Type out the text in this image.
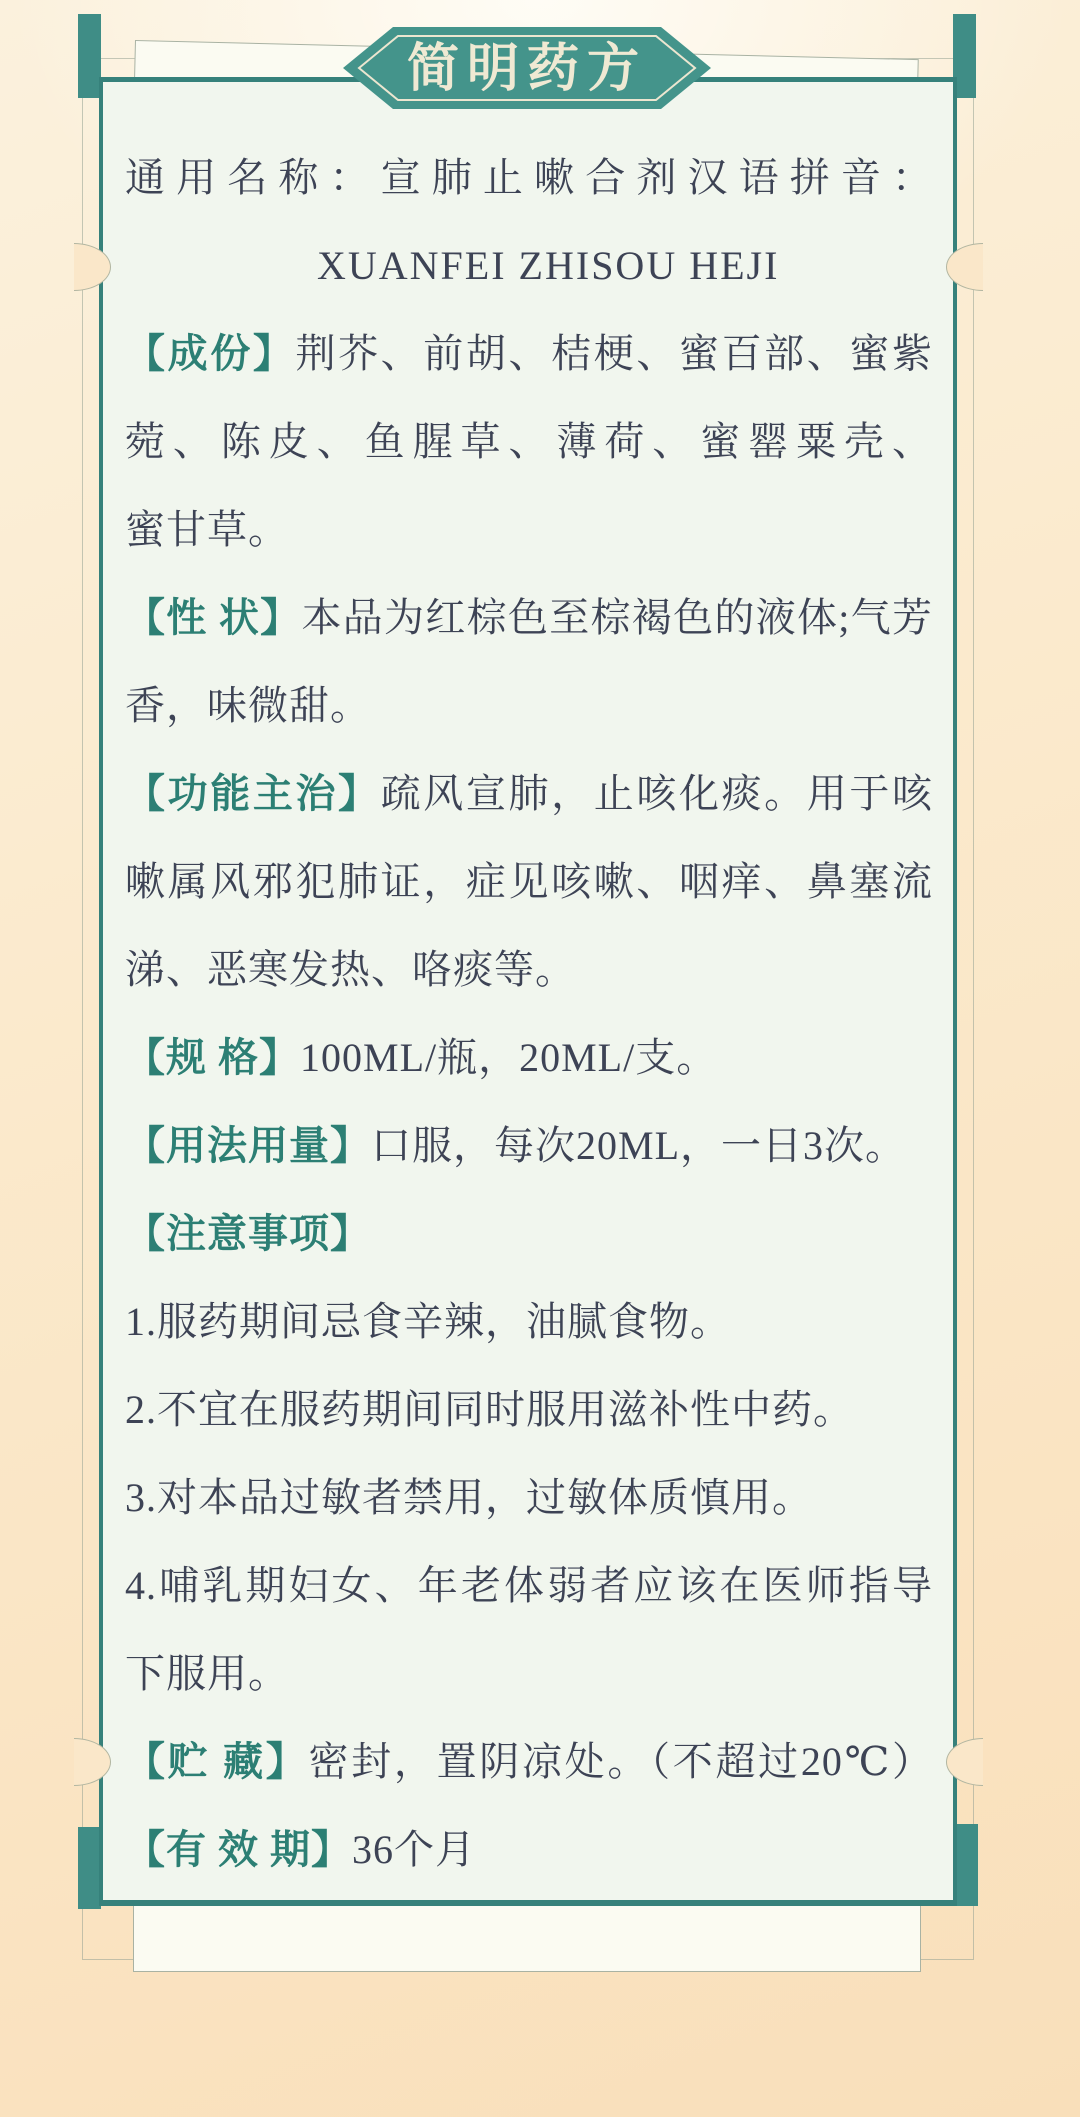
通用名称：宣肺止嗽合剂汉语拼音：
XUANFEI ZHISOU HEJI
【成份】荆芥、前胡、桔梗、蜜百部、蜜紫
菀、陈皮、鱼腥草、薄荷、蜜罂粟壳、
蜜甘草。
【性 状】本品为红棕色至棕褐色的液体;气芳
香，味微甜。
【功能主治】疏风宣肺，止咳化痰。用于咳
嗽属风邪犯肺证，症见咳嗽、咽痒、鼻塞流
涕、恶寒发热、咯痰等。
【规 格】100ML/瓶，20ML/支。
【用法用量】口服，每次20ML，一日3次。
【注意事项】
1.服药期间忌食辛辣，油腻食物。
2.不宜在服药期间同时服用滋补性中药。
3.对本品过敏者禁用，过敏体质慎用。
4.哺乳期妇女、年老体弱者应该在医师指导
下服用。
【贮 藏】密封，置阴凉处。（不超过20℃）
【有 效 期】36个月
简明药方
